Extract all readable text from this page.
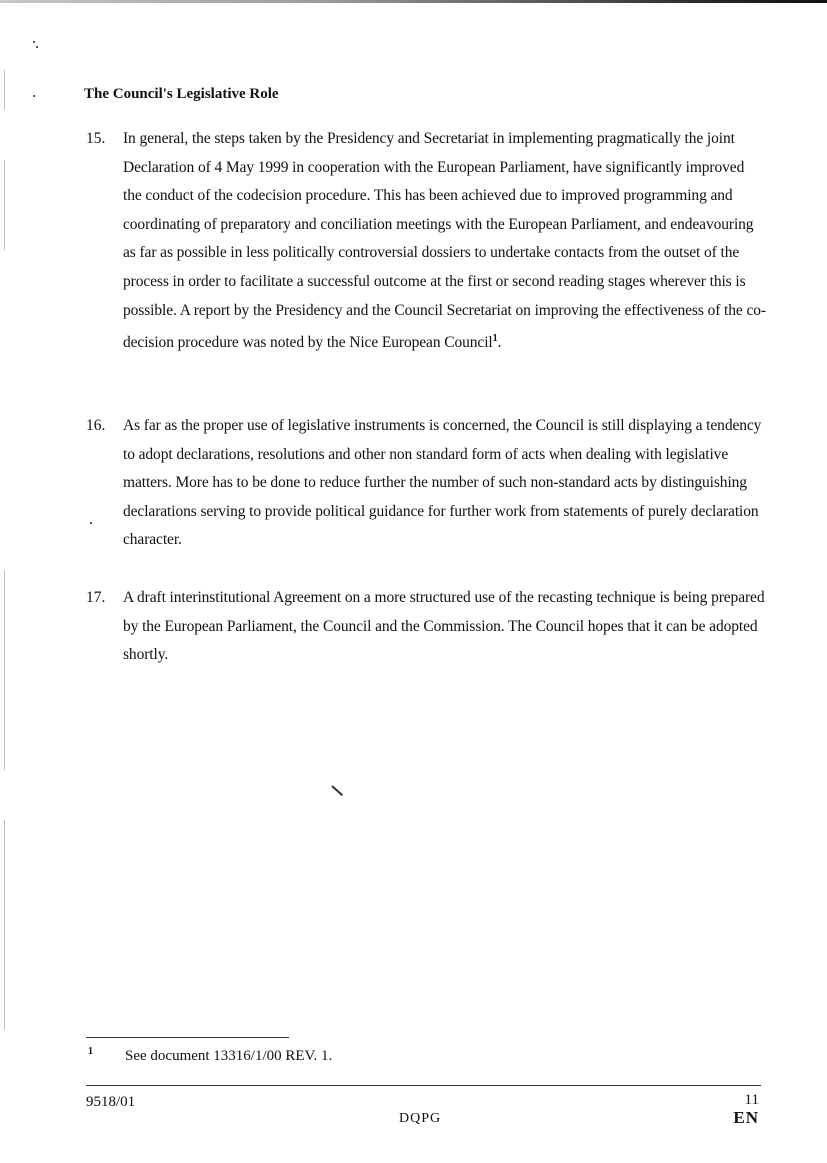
The Council's Legislative Role
15. In general, the steps taken by the Presidency and Secretariat in implementing pragmatically the joint Declaration of 4 May 1999 in cooperation with the European Parliament, have significantly improved the conduct of the codecision procedure. This has been achieved due to improved programming and coordinating of preparatory and conciliation meetings with the European Parliament, and endeavouring as far as possible in less politically controversial dossiers to undertake contacts from the outset of the process in order to facilitate a successful outcome at the first or second reading stages wherever this is possible. A report by the Presidency and the Council Secretariat on improving the effectiveness of the co-decision procedure was noted by the Nice European Council$^1$.

16. As far as the proper use of legislative instruments is concerned, the Council is still displaying a tendency to adopt declarations, resolutions and other non standard form of acts when dealing with legislative matters. More has to be done to reduce further the number of such non-standard acts by distinguishing declarations serving to provide political guidance for further work from statements of purely declaration character.

17. A draft interinstitutional Agreement on a more structured use of the recasting technique is being prepared by the European Parliament, the Council and the Commission. The Council hopes that it can be adopted shortly.

1 See document 13316/1/00 REV. 1.
9518/01
DQPG
11
EN
